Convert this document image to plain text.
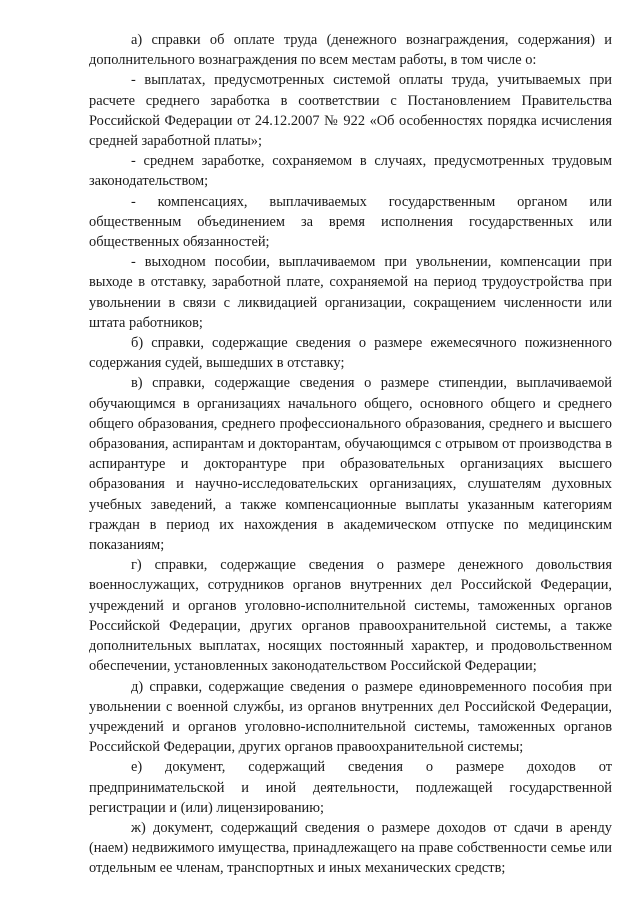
а) справки об оплате труда (денежного вознаграждения, содержания) и дополнительного вознаграждения по всем местам работы, в том числе о:

- выплатах, предусмотренных системой оплаты труда, учитываемых при расчете среднего заработка в соответствии с Постановлением Правительства Российской Федерации от 24.12.2007 № 922 «Об особенностях порядка исчисления средней заработной платы»;

- среднем заработке, сохраняемом в случаях, предусмотренных трудовым законодательством;

- компенсациях, выплачиваемых государственным органом или общественным объединением за время исполнения государственных или общественных обязанностей;

- выходном пособии, выплачиваемом при увольнении, компенсации при выходе в отставку, заработной плате, сохраняемой на период трудоустройства при увольнении в связи с ликвидацией организации, сокращением численности или штата работников;

б) справки, содержащие сведения о размере ежемесячного пожизненного содержания судей, вышедших в отставку;

в) справки, содержащие сведения о размере стипендии, выплачиваемой обучающимся в организациях начального общего, основного общего и среднего общего образования, среднего профессионального образования, среднего и высшего образования, аспирантам и докторантам, обучающимся с отрывом от производства в аспирантуре и докторантуре при образовательных организациях высшего образования и научно-исследовательских организациях, слушателям духовных учебных заведений, а также компенсационные выплаты указанным категориям граждан в период их нахождения в академическом отпуске по медицинским показаниям;

г) справки, содержащие сведения о размере денежного довольствия военнослужащих, сотрудников органов внутренних дел Российской Федерации, учреждений и органов уголовно-исполнительной системы, таможенных органов Российской Федерации, других органов правоохранительной системы, а также дополнительных выплатах, носящих постоянный характер, и продовольственном обеспечении, установленных законодательством Российской Федерации;

д) справки, содержащие сведения о размере единовременного пособия при увольнении с военной службы, из органов внутренних дел Российской Федерации, учреждений и органов уголовно-исполнительной системы, таможенных органов Российской Федерации, других органов правоохранительной системы;

е) документ, содержащий сведения о размере доходов от предпринимательской и иной деятельности, подлежащей государственной регистрации и (или) лицензированию;

ж) документ, содержащий сведения о размере доходов от сдачи в аренду (наем) недвижимого имущества, принадлежащего на праве собственности семье или отдельным ее членам, транспортных и иных механических средств;
